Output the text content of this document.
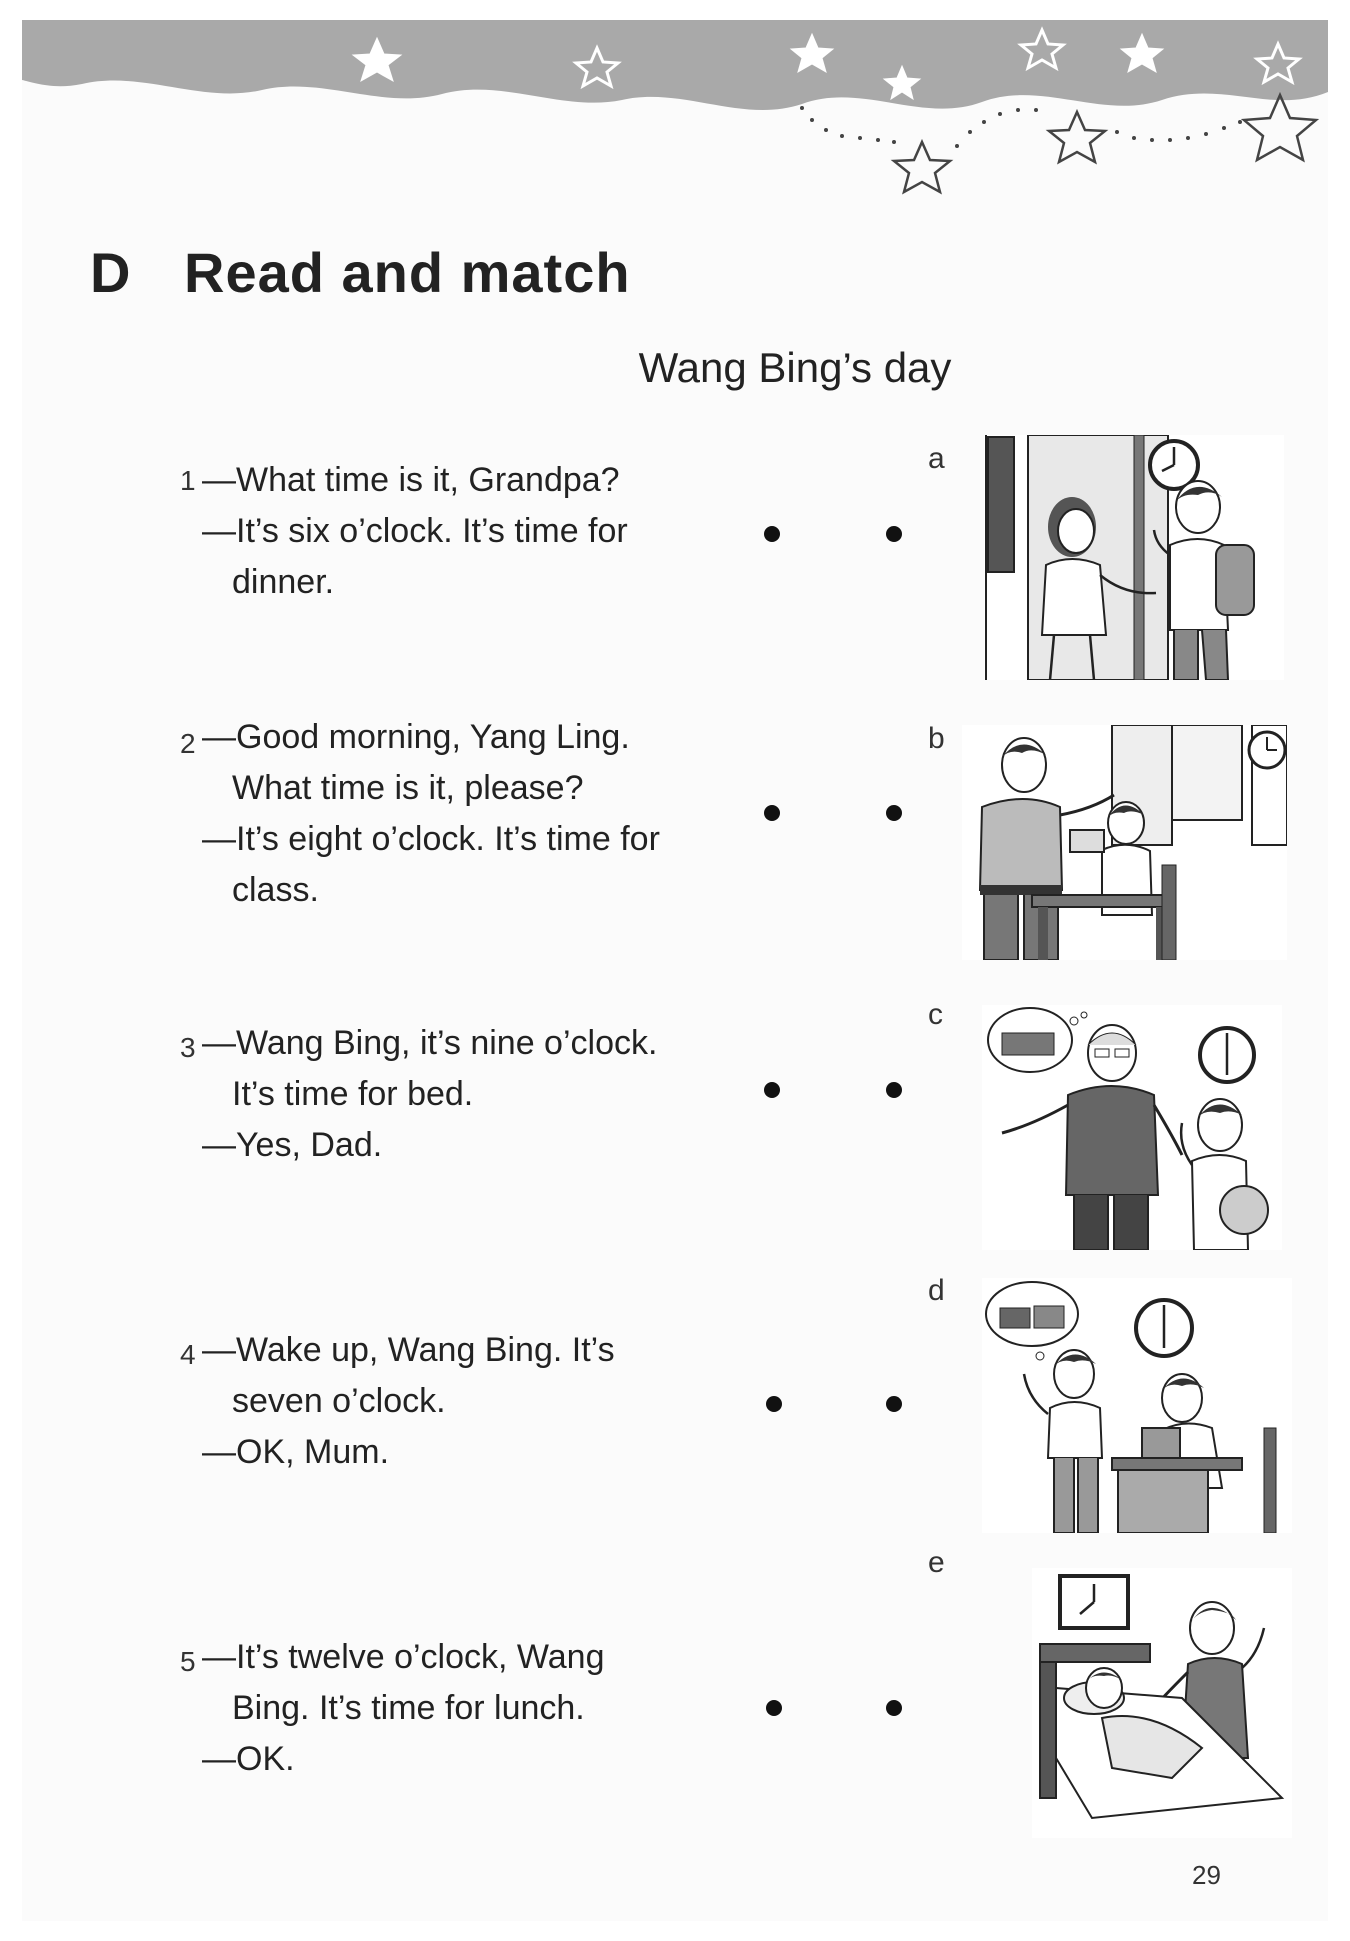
D Read and match
Wang Bing’s day
1 —What time is it, Grandpa?
—It’s six o’clock. It’s time for
dinner.
2 —Good morning, Yang Ling.
What time is it, please?
—It’s eight o’clock. It’s time for
class.
3 —Wang Bing, it’s nine o’clock.
It’s time for bed.
—Yes, Dad.
4 —Wake up, Wang Bing. It’s
seven o’clock.
—OK, Mum.
5 —It’s twelve o’clock, Wang
Bing. It’s time for lunch.
—OK.
a
b
c
d
e
29
